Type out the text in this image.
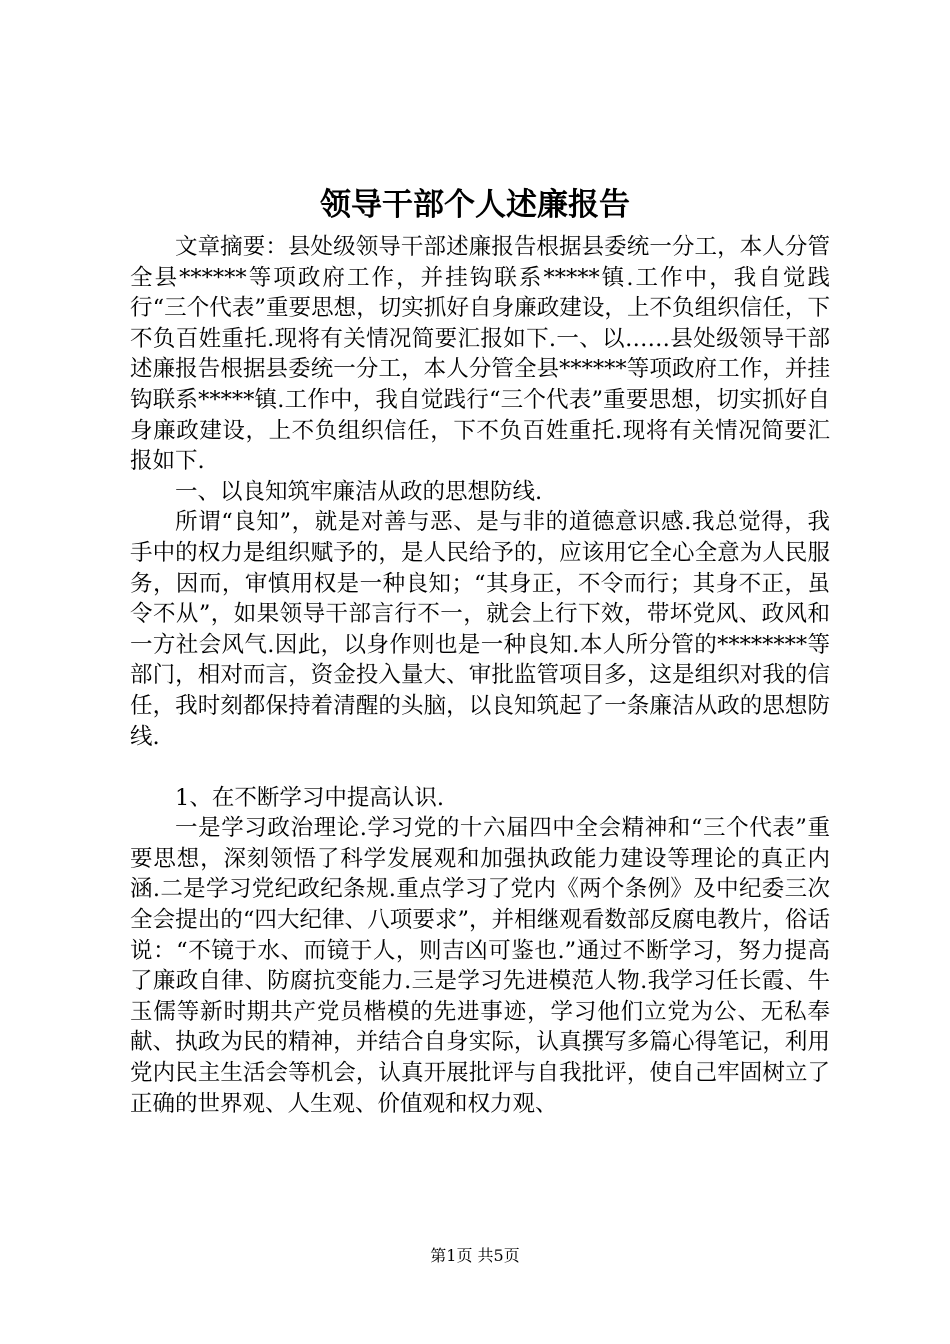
领导干部个人述廉报告

文章摘要：县处级领导干部述廉报告根据县委统一分工，本人分管全县******等项政府工作，并挂钩联系*****镇.工作中，我自觉践行“三个代表”重要思想，切实抓好自身廉政建设，上不负组织信任，下不负百姓重托.现将有关情况简要汇报如下.一、以……县处级领导干部述廉报告根据县委统一分工，本人分管全县******等项政府工作，并挂钩联系*****镇.工作中，我自觉践行“三个代表”重要思想，切实抓好自身廉政建设，上不负组织信任，下不负百姓重托.现将有关情况简要汇报如下.

一、以良知筑牢廉洁从政的思想防线.

所谓“良知”，就是对善与恶、是与非的道德意识感.我总觉得，我手中的权力是组织赋予的，是人民给予的，应该用它全心全意为人民服务，因而，审慎用权是一种良知；“其身正，不令而行；其身不正，虽令不从”，如果领导干部言行不一，就会上行下效，带坏党风、政风和一方社会风气.因此，以身作则也是一种良知.本人所分管的********等部门，相对而言，资金投入量大、审批监管项目多，这是组织对我的信任，我时刻都保持着清醒的头脑，以良知筑起了一条廉洁从政的思想防线.

1、在不断学习中提高认识.

一是学习政治理论.学习党的十六届四中全会精神和“三个代表”重要思想，深刻领悟了科学发展观和加强执政能力建设等理论的真正内涵.二是学习党纪政纪条规.重点学习了党内《两个条例》及中纪委三次全会提出的“四大纪律、八项要求”，并相继观看数部反腐电教片，俗话说：“不镜于水、而镜于人，则吉凶可鉴也.”通过不断学习，努力提高了廉政自律、防腐抗变能力.三是学习先进模范人物.我学习任长霞、牛玉儒等新时期共产党员楷模的先进事迹，学习他们立党为公、无私奉献、执政为民的精神，并结合自身实际，认真撰写多篇心得笔记，利用党内民主生活会等机会，认真开展批评与自我批评，使自己牢固树立了正确的世界观、人生观、价值观和权力观、

第1页 共5页
